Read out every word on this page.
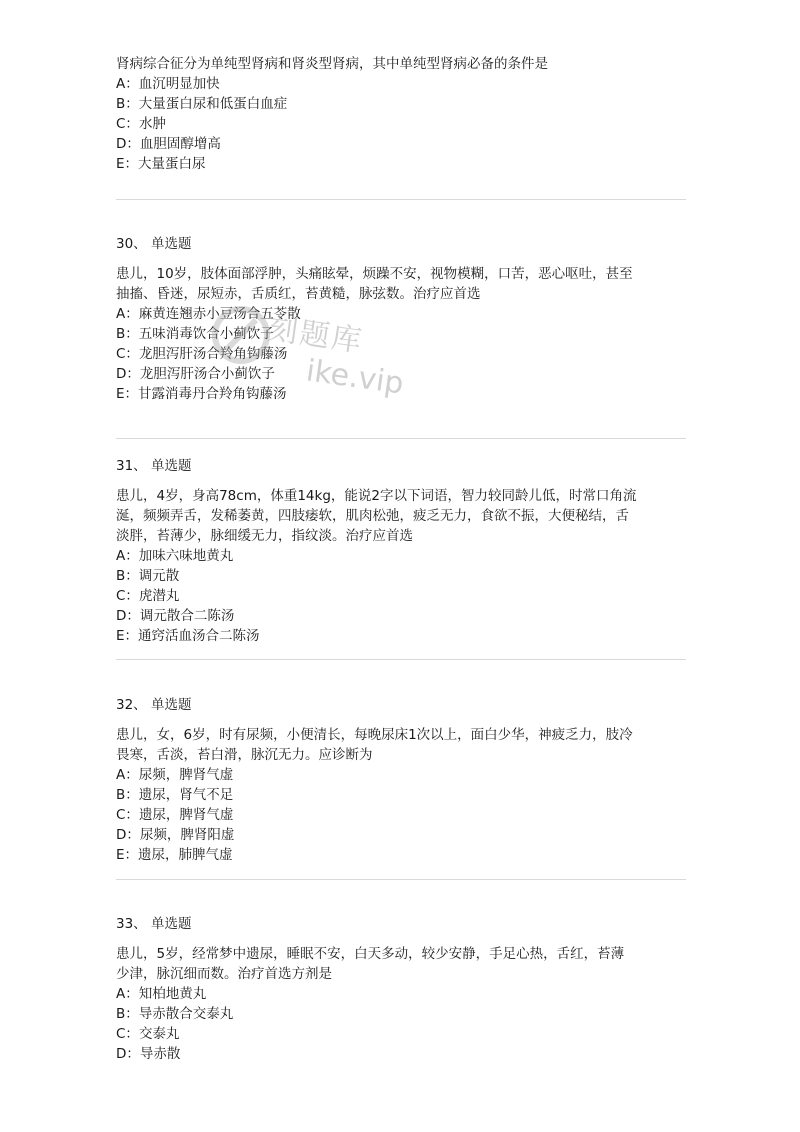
肾病综合征分为单纯型肾病和肾炎型肾病，其中单纯型肾病必备的条件是
A：血沉明显加快
B：大量蛋白尿和低蛋白血症
C：水肿
D：血胆固醇增高
E：大量蛋白尿
30、 单选题
患儿，10岁，肢体面部浮肿，头痛眩晕，烦躁不安，视物模糊，口苦，恶心呕吐，甚至
抽搐、昏迷，尿短赤，舌质红，苔黄糙，脉弦数。治疗应首选
A：麻黄连翘赤小豆汤合五苓散
B：五味消毒饮合小蓟饮子
C：龙胆泻肝汤合羚角钩藤汤
D：龙胆泻肝汤合小蓟饮子
E：甘露消毒丹合羚角钩藤汤
31、 单选题
患儿，4岁，身高78cm，体重14kg，能说2字以下词语，智力较同龄儿低，时常口角流
涎，频频弄舌，发稀萎黄，四肢痿软，肌肉松弛，疲乏无力，食欲不振，大便秘结，舌
淡胖，苔薄少，脉细缓无力，指纹淡。治疗应首选
A：加味六味地黄丸
B：调元散
C：虎潜丸
D：调元散合二陈汤
E：通窍活血汤合二陈汤
32、 单选题
患儿，女，6岁，时有尿频，小便清长，每晚尿床1次以上，面白少华，神疲乏力，肢冷
畏寒，舌淡，苔白滑，脉沉无力。应诊断为
A：尿频，脾肾气虚
B：遗尿，肾气不足
C：遗尿，脾肾气虚
D：尿频，脾肾阳虚
E：遗尿，肺脾气虚
33、 单选题
患儿，5岁，经常梦中遗尿，睡眠不安，白天多动，较少安静，手足心热，舌红，苔薄
少津，脉沉细而数。治疗首选方剂是
A：知柏地黄丸
B：导赤散合交泰丸
C：交泰丸
D：导赤散
刻题库
ike.vip
